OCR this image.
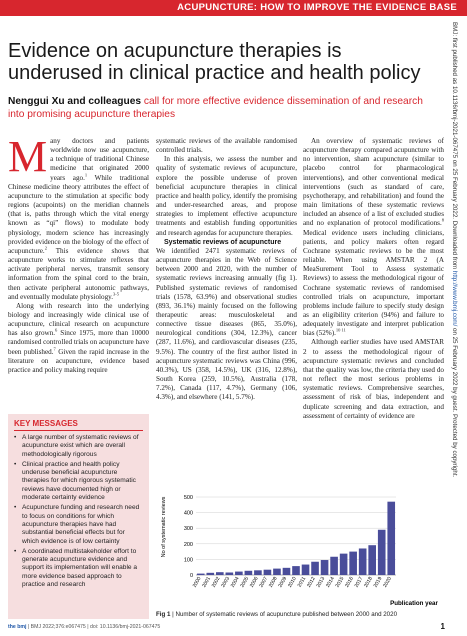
ACUPUNCTURE: HOW TO IMPROVE THE EVIDENCE BASE
Evidence on acupuncture therapies is underused in clinical practice and health policy
Nenggui Xu and colleagues call for more effective evidence dissemination of and research into promising acupuncture therapies

Many doctors and patients worldwide now use acupuncture, a technique of traditional Chinese medicine that originated 2000 years ago.$^1$ While traditional Chinese medicine theory attributes the effect of acupuncture to the stimulation at specific body regions (acupoints) on the meridian channels (that is, paths through which the vital energy known as “qi” flows) to modulate body physiology, modern science has increasingly provided evidence on the biology of the effect of acupuncture.$^2$ This evidence shows that acupuncture works to stimulate reflexes that activate peripheral nerves, transmit sensory information from the spinal cord to the brain, then activate peripheral autonomic pathways, and eventually modulate physiology.$^{3-5}$

Along with research into the underlying biology and increasingly wide clinical use of acupuncture, clinical research on acupuncture has also grown.$^6$ Since 1975, more than 10000 randomised controlled trials on acupuncture have been published.$^7$ Given the rapid increase in the literature on acupuncture, evidence based practice and policy making require

KEY MESSAGES
• A large number of systematic reviews of acupuncture exist which are overall methodologically rigorous
• Clinical practice and health policy underuse beneficial acupuncture therapies for which rigorous systematic reviews have documented high or moderate certainty evidence
• Acupuncture funding and research need to focus on conditions for which acupuncture therapies have had substantial beneficial effects but for which evidence is of low certainty
• A coordinated multistakeholder effort to generate acupuncture evidence and support its implementation will enable a more evidence based approach to practice and research

systematic reviews of the available randomised controlled trials.

In this analysis, we assess the number and quality of systematic reviews of acupuncture, explore the possible underuse of proven beneficial acupuncture therapies in clinical practice and health policy, identify the promising and under-researched areas, and propose strategies to implement effective acupuncture treatments and establish funding opportunities and research agendas for acupuncture therapies.

Systematic reviews of acupuncture

We identified 2471 systematic reviews of acupuncture therapies in the Web of Science between 2000 and 2020, with the number of systematic reviews increasing annually (fig 1). Published systematic reviews of randomised trials (1578, 63.9%) and observational studies (893, 36.1%) mainly focused on the following therapeutic areas: musculoskeletal and connective tissue diseases (865, 35.0%), neurological conditions (304, 12.3%), cancer (287, 11.6%), and cardiovascular diseases (235, 9.5%). The country of the first author listed in acupuncture systematic reviews was China (996, 40.3%), US (358, 14.5%), UK (316, 12.8%), South Korea (259, 10.5%), Australia (178, 7.2%), Canada (117, 4.7%), Germany (106, 4.3%), and elsewhere (141, 5.7%).

An overview of systematic reviews of acupuncture therapy compared acupuncture with no intervention, sham acupuncture (similar to placebo control for pharmacological interventions), and other conventional medical interventions (such as standard of care, psychotherapy, and rehabilitation) and found the main limitations of these systematic reviews included an absence of a list of excluded studies and no explanation of protocol modifications.$^8$ Medical evidence users including clinicians, patients, and policy makers often regard Cochrane systematic reviews to be the most reliable. When using AMSTAR 2 (A MeaSurement Tool to Assess systematic Reviews) to assess the methodological rigour of Cochrane systematic reviews of randomised controlled trials on acupuncture, important problems include failure to specify study design as an eligibility criterion (94%) and failure to adequately investigate and interpret publication bias (52%).$^{10 11}$

Although earlier studies have used AMSTAR 2 to assess the methodological rigour of acupuncture systematic reviews and concluded that the quality was low, the criteria they used do not reflect the most serious problems in systematic reviews. Comprehensive searches, assessment of risk of bias, independent and duplicate screening and data extraction, and assessment of certainty of evidence are

No of systematic reviews
Publication year
0
100
200
300
400
500
2000
2001
2002
2003
2004
2005
2006
2007
2008
2009
2010
2011
2012
2013
2014
2015
2016
2017
2018
2019
2020
Fig 1 | Number of systematic reviews of acupuncture published between 2000 and 2020
the bmj | BMJ 2022;376:e067475 | doi: 10.1136/bmj-2021-067475	1
BMJ: first published as 10.1136/bmj-2021-067475 on 25 February 2022. Downloaded from http://www.bmj.com/ on 25 February 2022 by guest. Protected by copyright.
